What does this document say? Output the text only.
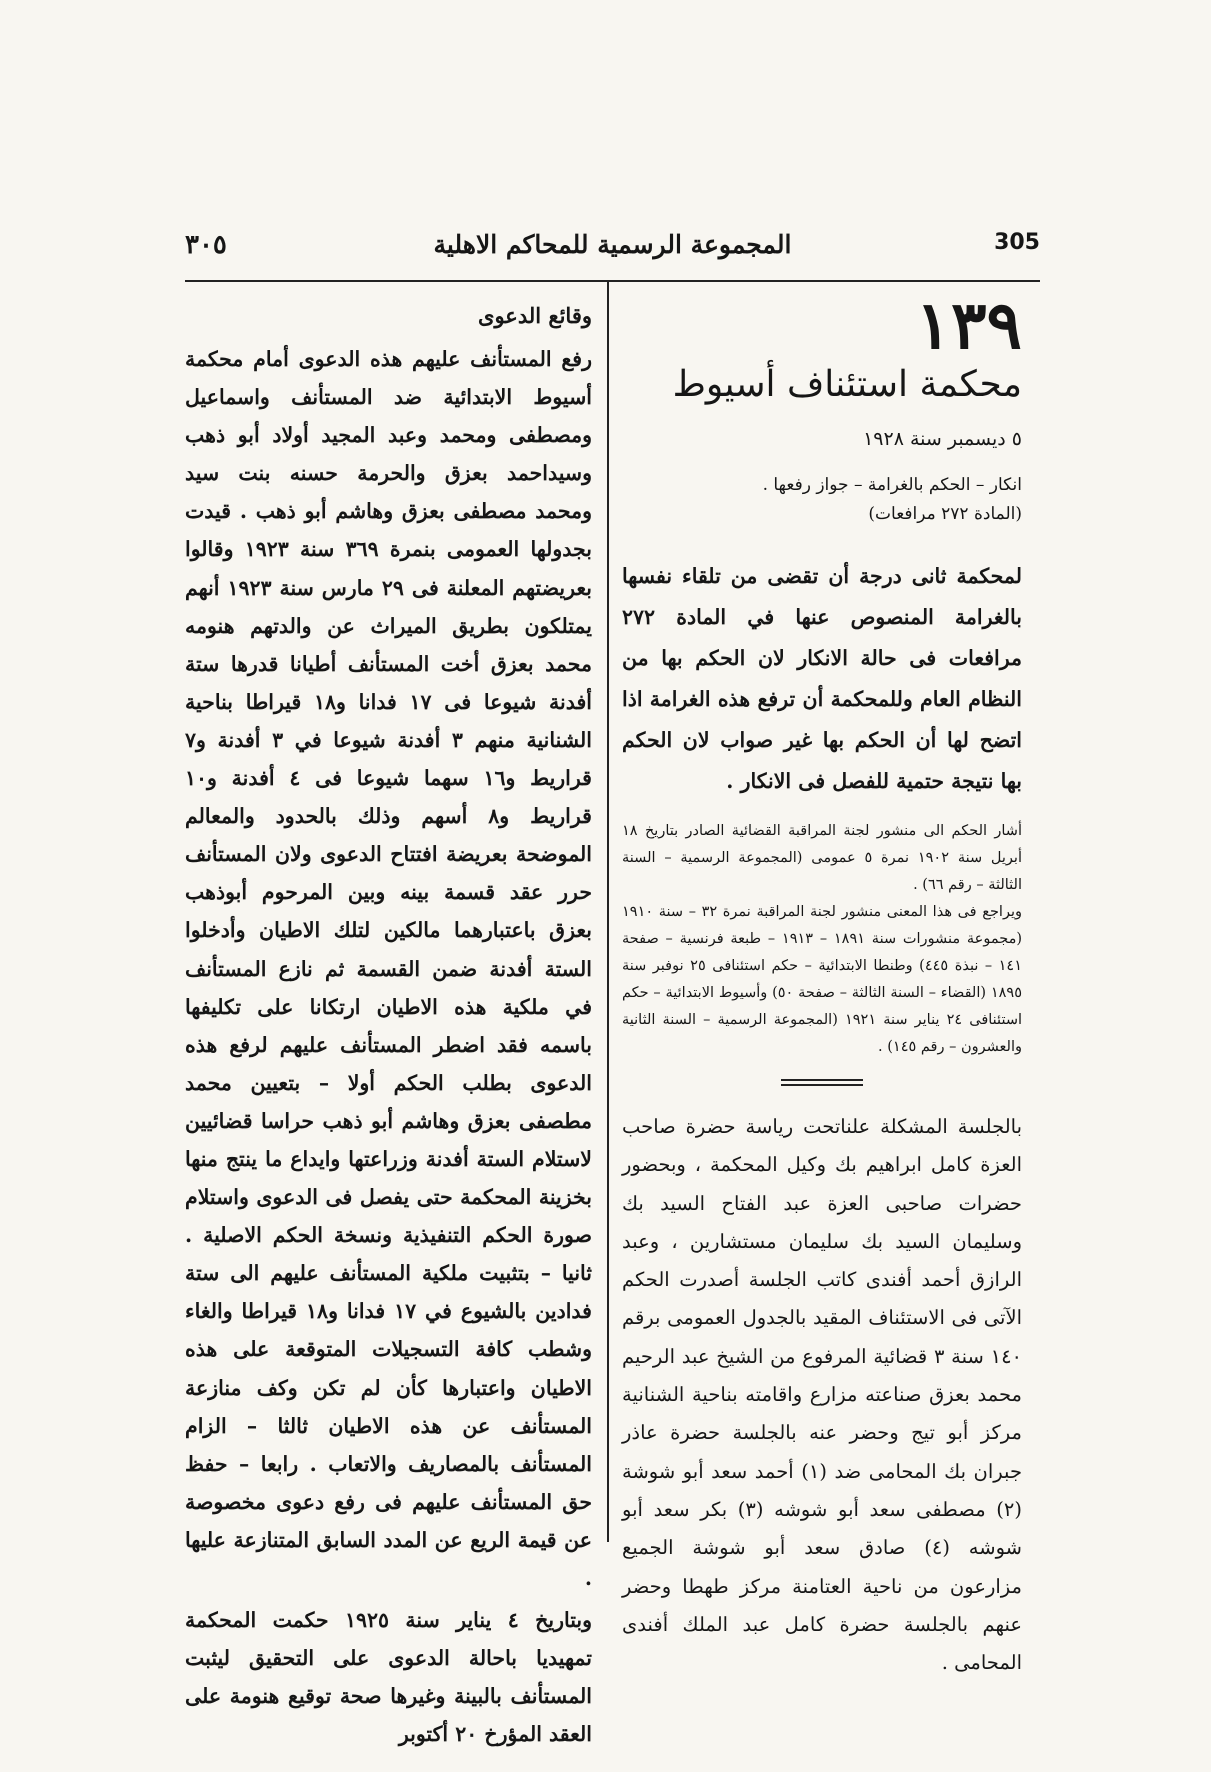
٣٠٥	المجموعة الرسمية للمحاكم الاهلية	305
١٣٩
محكمة استئناف أسيوط
٥ ديسمبر سنة ١٩٢٨
انكار – الحكم بالغرامة – جواز رفعها .
(المادة ٢٧٢ مرافعات)
لمحكمة ثانى درجة أن تقضى من تلقاء نفسها بالغرامة المنصوص عنها في المادة ٢٧٢ مرافعات فى حالة الانكار لان الحكم بها من النظام العام وللمحكمة أن ترفع هذه الغرامة اذا اتضح لها أن الحكم بها غير صواب لان الحكم بها نتيجة حتمية للفصل فى الانكار .

أشار الحكم الى منشور لجنة المراقبة القضائية الصادر بتاريخ ١٨ أبريل سنة ١٩٠٢ نمرة ٥ عمومى (المجموعة الرسمية – السنة الثالثة – رقم ٦٦) .

ويراجع فى هذا المعنى منشور لجنة المراقبة نمرة ٣٢ – سنة ١٩١٠ (مجموعة منشورات سنة ١٨٩١ – ١٩١٣ – طبعة فرنسية – صفحة ١٤١ – نبذة ٤٤٥) وطنطا الابتدائية – حكم استئنافى ٢٥ نوفبر سنة ١٨٩٥ (القضاء – السنة الثالثة – صفحة ٥٠) وأسيوط الابتدائية – حكم استئنافى ٢٤ يناير سنة ١٩٢١ (المجموعة الرسمية – السنة الثانية والعشرون – رقم ١٤٥) .

بالجلسة المشكلة علناتحت رياسة حضرة صاحب العزة كامل ابراهيم بك وكيل المحكمة ، وبحضور حضرات صاحبى العزة عبد الفتاح السيد بك وسليمان السيد بك سليمان مستشارين ، وعبد الرازق أحمد أفندى كاتب الجلسة أصدرت الحكم الآتى فى الاستئناف المقيد بالجدول العمومى برقم ١٤٠ سنة ٣ قضائية المرفوع من الشيخ عبد الرحيم محمد بعزق صناعته مزارع واقامته بناحية الشنانية مركز أبو تيج وحضر عنه بالجلسة حضرة عاذر جبران بك المحامى ضد (١) أحمد سعد أبو شوشة (٢) مصطفى سعد أبو شوشه (٣) بكر سعد أبو شوشه (٤) صادق سعد أبو شوشة الجميع مزارعون من ناحية العتامنة مركز طهطا وحضر عنهم بالجلسة حضرة كامل عبد الملك أفندى المحامى .
وقائع الدعوى

رفع المستأنف عليهم هذه الدعوى أمام محكمة أسيوط الابتدائية ضد المستأنف واسماعيل ومصطفى ومحمد وعبد المجيد أولاد أبو ذهب وسيداحمد بعزق والحرمة حسنه بنت سيد ومحمد مصطفى بعزق وهاشم أبو ذهب . قيدت بجدولها العمومى بنمرة ٣٦٩ سنة ١٩٢٣ وقالوا بعريضتهم المعلنة فى ٢٩ مارس سنة ١٩٢٣ أنهم يمتلكون بطريق الميراث عن والدتهم هنومه محمد بعزق أخت المستأنف أطيانا قدرها ستة أفدنة شيوعا فى ١٧ فدانا و١٨ قيراطا بناحية الشنانية منهم ٣ أفدنة شيوعا في ٣ أفدنة و٧ قراريط و١٦ سهما شيوعا فى ٤ أفدنة و١٠ قراريط و٨ أسهم وذلك بالحدود والمعالم الموضحة بعريضة افتتاح الدعوى ولان المستأنف حرر عقد قسمة بينه وبين المرحوم أبوذهب بعزق باعتبارهما مالكين لتلك الاطيان وأدخلوا الستة أفدنة ضمن القسمة ثم نازع المستأنف في ملكية هذه الاطيان ارتكانا على تكليفها باسمه فقد اضطر المستأنف عليهم لرفع هذه الدعوى بطلب الحكم أولا – بتعيين محمد مطصفى بعزق وهاشم أبو ذهب حراسا قضائيين لاستلام الستة أفدنة وزراعتها وايداع ما ينتج منها بخزينة المحكمة حتى يفصل فى الدعوى واستلام صورة الحكم التنفيذية ونسخة الحكم الاصلية . ثانيا – بتثبيت ملكية المستأنف عليهم الى ستة فدادين بالشيوع في ١٧ فدانا و١٨ قيراطا والغاء وشطب كافة التسجيلات المتوقعة على هذه الاطيان واعتبارها كأن لم تكن وكف منازعة المستأنف عن هذه الاطيان ثالثا – الزام المستأنف بالمصاريف والاتعاب . رابعا – حفظ حق المستأنف عليهم فى رفع دعوى مخصوصة عن قيمة الريع عن المدد السابق المتنازعة عليها .

وبتاريخ ٤ يناير سنة ١٩٢٥ حكمت المحكمة تمهيديا باحالة الدعوى على التحقيق ليثبت المستأنف بالبينة وغيرها صحة توقيع هنومة على العقد المؤرخ ٢٠ أكتوبر
